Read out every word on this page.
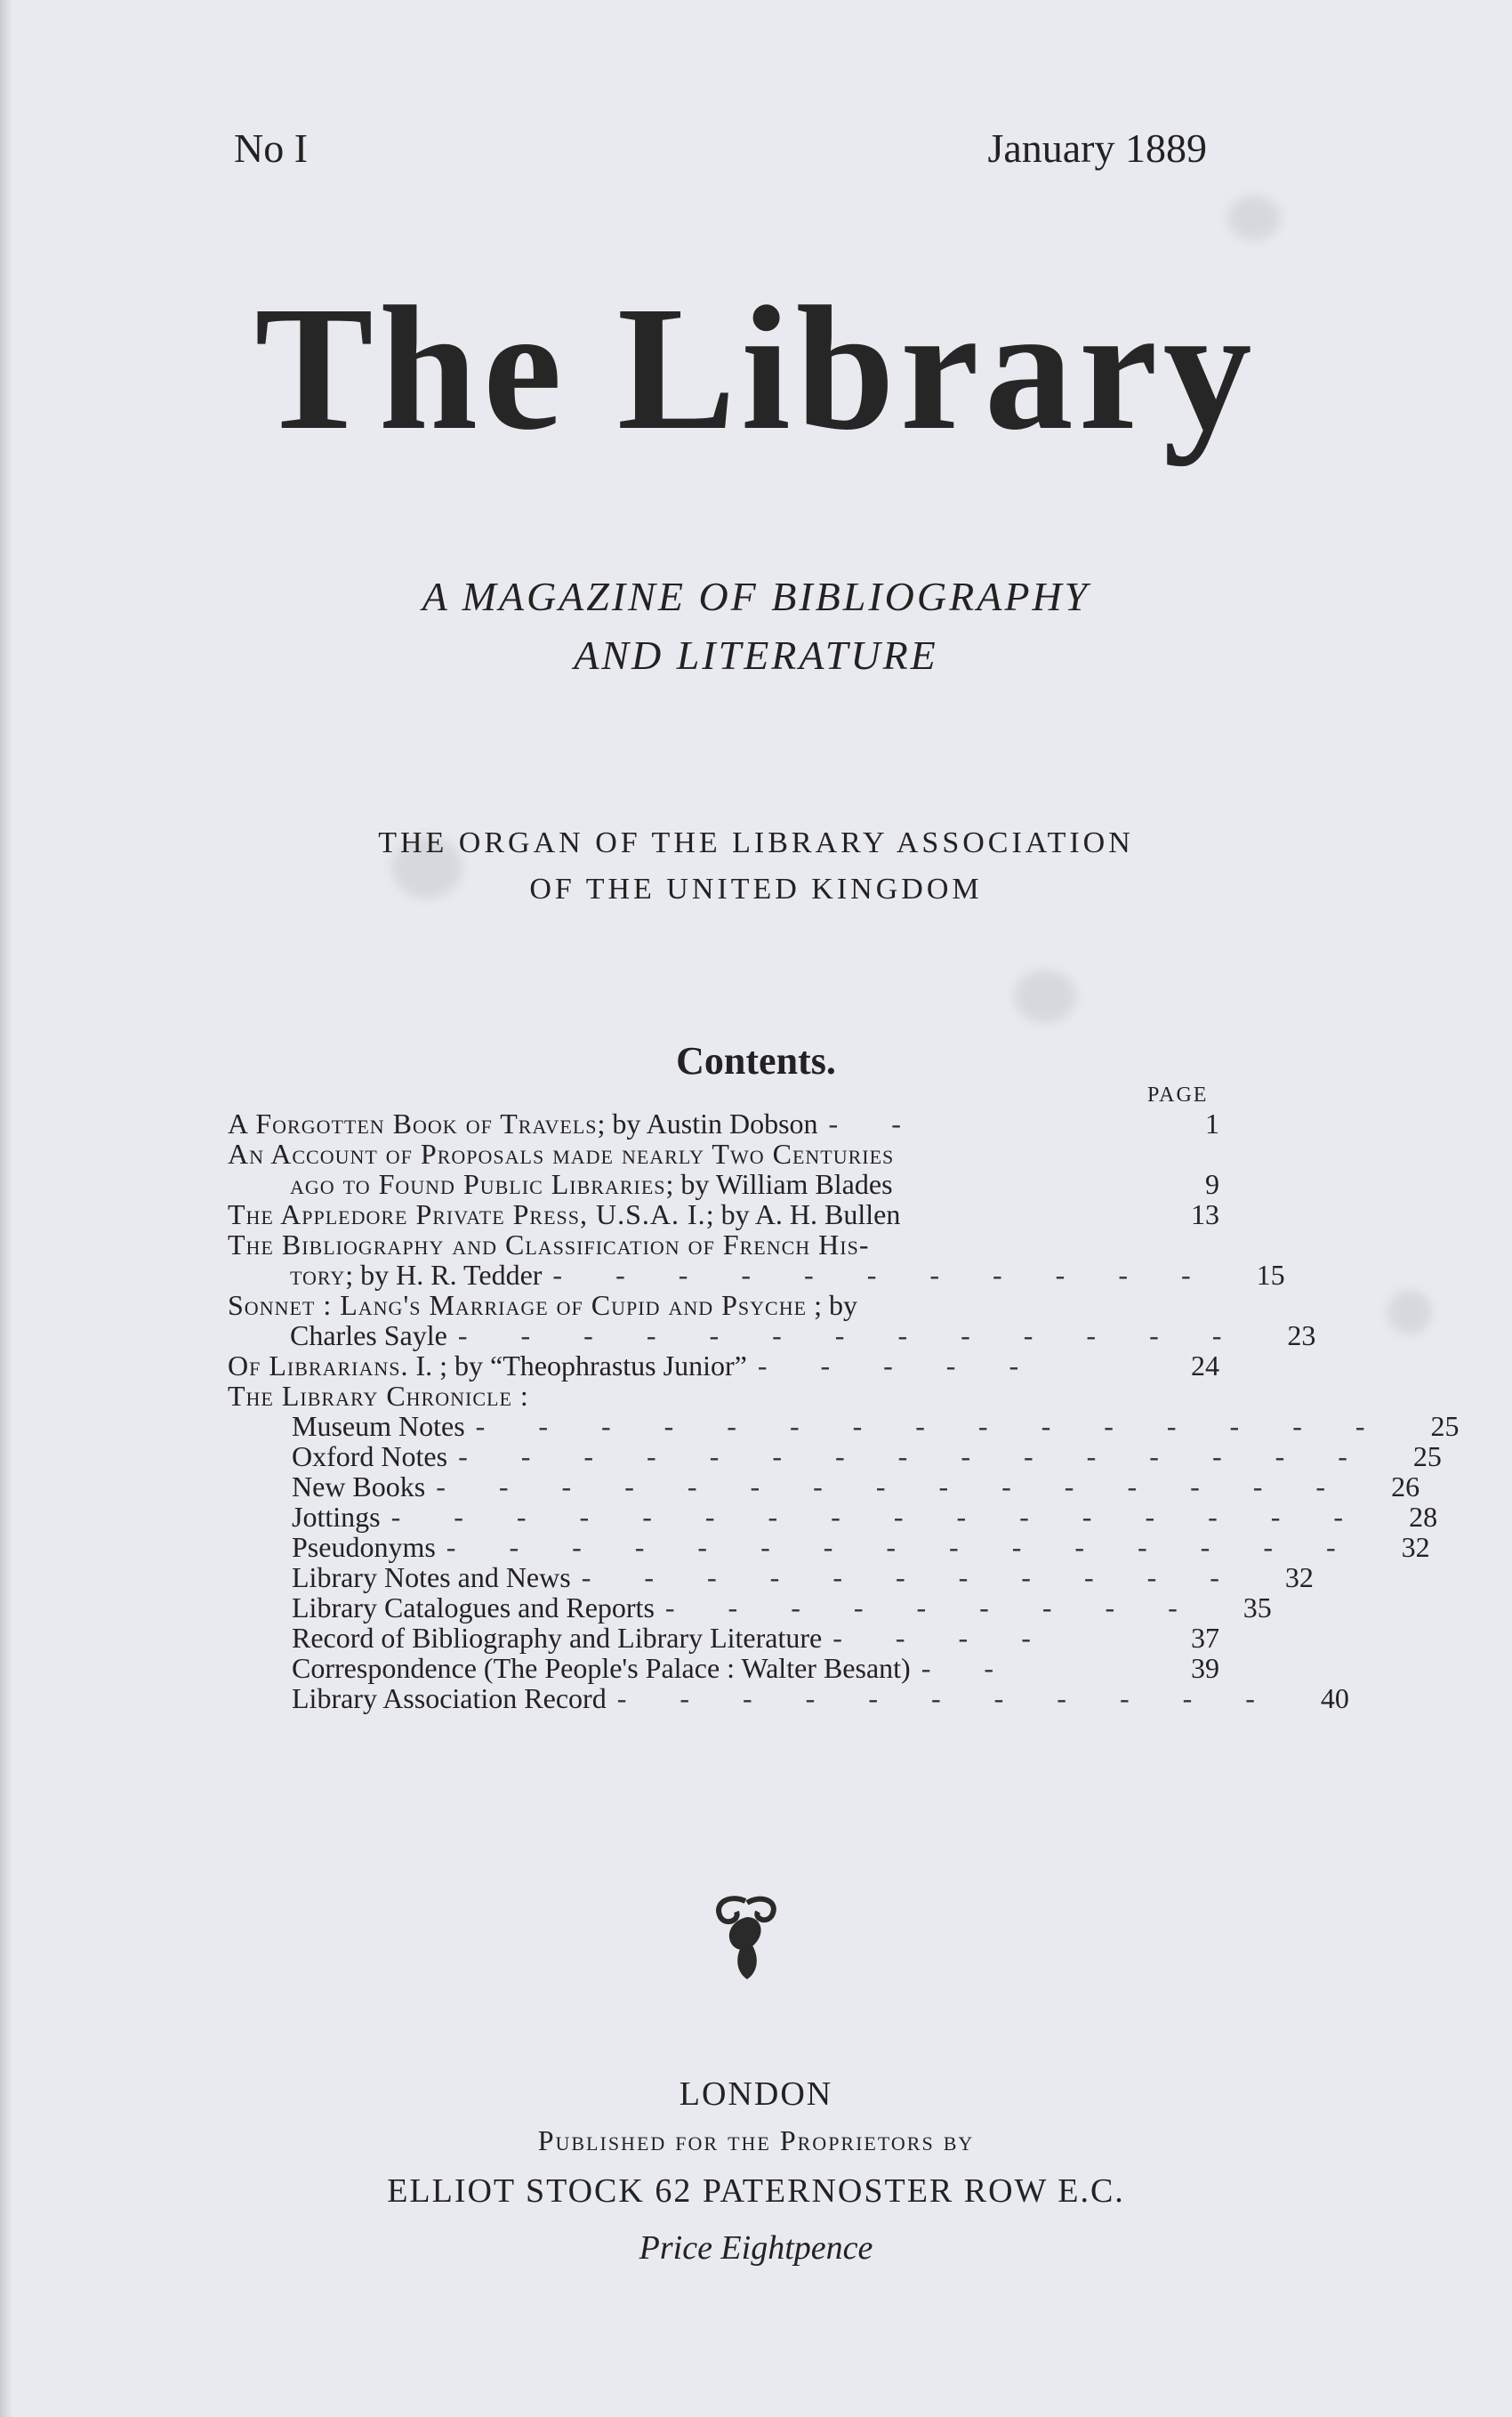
No I	January 1889
The Library
A MAGAZINE OF BIBLIOGRAPHY
AND LITERATURE
THE ORGAN OF THE LIBRARY ASSOCIATION
OF THE UNITED KINGDOM
Contents.
PAGE
A Forgotten Book of Travels; by Austin Dobson - -	1
An Account of Proposals made nearly Two Centuries
ago to Found Public Libraries; by William Blades	9
The Appledore Private Press, U.S.A. I.; by A. H. Bullen	13
The Bibliography and Classification of French His-
tory; by H. R. Tedder - - - - - - - - - - -	15
Sonnet : Lang's Marriage of Cupid and Psyche ; by
Charles Sayle - - - - - - - - - - - - -	23
Of Librarians. I. ; by “Theophrastus Junior” - - - - -	24
The Library Chronicle :
Museum Notes - - - - - - - - - - - - - - -	25
Oxford Notes - - - - - - - - - - - - - - -	25
New Books - - - - - - - - - - - - - - -	26
Jottings - - - - - - - - - - - - - - - -	28
Pseudonyms - - - - - - - - - - - - - - -	32
Library Notes and News - - - - - - - - - - -	32
Library Catalogues and Reports - - - - - - - - -	35
Record of Bibliography and Library Literature - - - -	37
Correspondence (The People's Palace : Walter Besant) - -	39
Library Association Record - - - - - - - - - - -	40
LONDON
Published for the Proprietors by
ELLIOT STOCK 62 PATERNOSTER ROW E.C.
Price Eightpence
